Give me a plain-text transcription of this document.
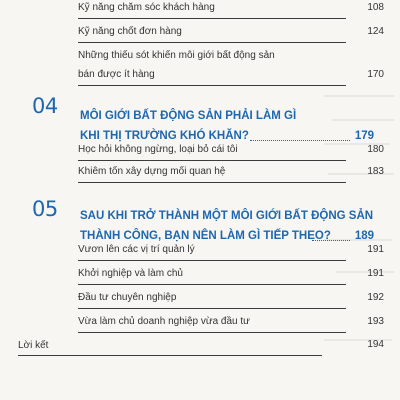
Kỹ năng chăm sóc khách hàng	108
Kỹ năng chốt đơn hàng	124
Những thiếu sót khiến môi giới bất động sản
bán được ít hàng	170
04 MÔI GIỚI BẤT ĐỘNG SẢN PHẢI LÀM GÌ
KHI THỊ TRƯỜNG KHÓ KHĂN?	179
Học hỏi không ngừng, loại bỏ cái tôi	180
Khiêm tốn xây dựng mối quan hệ	183
05 SAU KHI TRỞ THÀNH MỘT MÔI GIỚI BẤT ĐỘNG SẢN
THÀNH CÔNG, BẠN NÊN LÀM GÌ TIẾP THEO?	189
Vươn lên các vị trí quản lý	191
Khởi nghiệp và làm chủ	191
Đầu tư chuyên nghiệp	192
Vừa làm chủ doanh nghiệp vừa đầu tư	193
Lời kết	194
